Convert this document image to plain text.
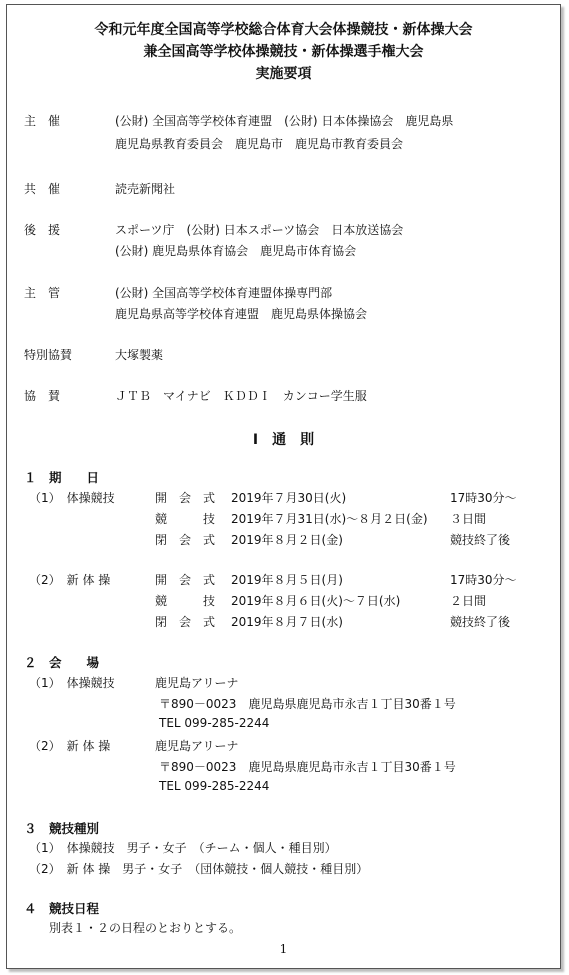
令和元年度全国高等学校総合体育大会体操競技・新体操大会
兼全国高等学校体操競技・新体操選手権大会
実施要項
主　催	(公財) 全国高等学校体育連盟　(公財) 日本体操協会　鹿児島県
鹿児島県教育委員会　鹿児島市　鹿児島市教育委員会
共　催	読売新聞社
後　援	スポーツ庁　(公財) 日本スポーツ協会　日本放送協会
(公財) 鹿児島県体育協会　鹿児島市体育協会
主　管	(公財) 全国高等学校体育連盟体操専門部
鹿児島県高等学校体育連盟　鹿児島県体操協会
特別協賛	大塚製薬
協　賛	ＪＴＢ　マイナビ　ＫＤＤＩ　カンコー学生服
Ⅰ　通　則
１　期　　日
（1）　体操競技	開　会　式 2019年７月30日(火)	17時30分～
競　　　技 2019年７月31日(水)～８月２日(金) ３日間
閉　会　式 2019年８月２日(金)	競技終了後
（2）　新 体 操	開　会　式 2019年８月５日(月)	17時30分～
競　　　技 2019年８月６日(火)～７日(水)	２日間
閉　会　式 2019年８月７日(水)	競技終了後
２　会　　場
（1）　体操競技	鹿児島アリーナ
〒890－0023　鹿児島県鹿児島市永吉１丁目30番１号
TEL 099-285-2244
（2）　新 体 操	鹿児島アリーナ
〒890－0023　鹿児島県鹿児島市永吉１丁目30番１号
TEL 099-285-2244
３　競技種別
（1）　体操競技　男子・女子　（チーム・個人・種目別）
（2）　新 体 操　男子・女子　（団体競技・個人競技・種目別）
４　競技日程
別表１・２の日程のとおりとする。
1
